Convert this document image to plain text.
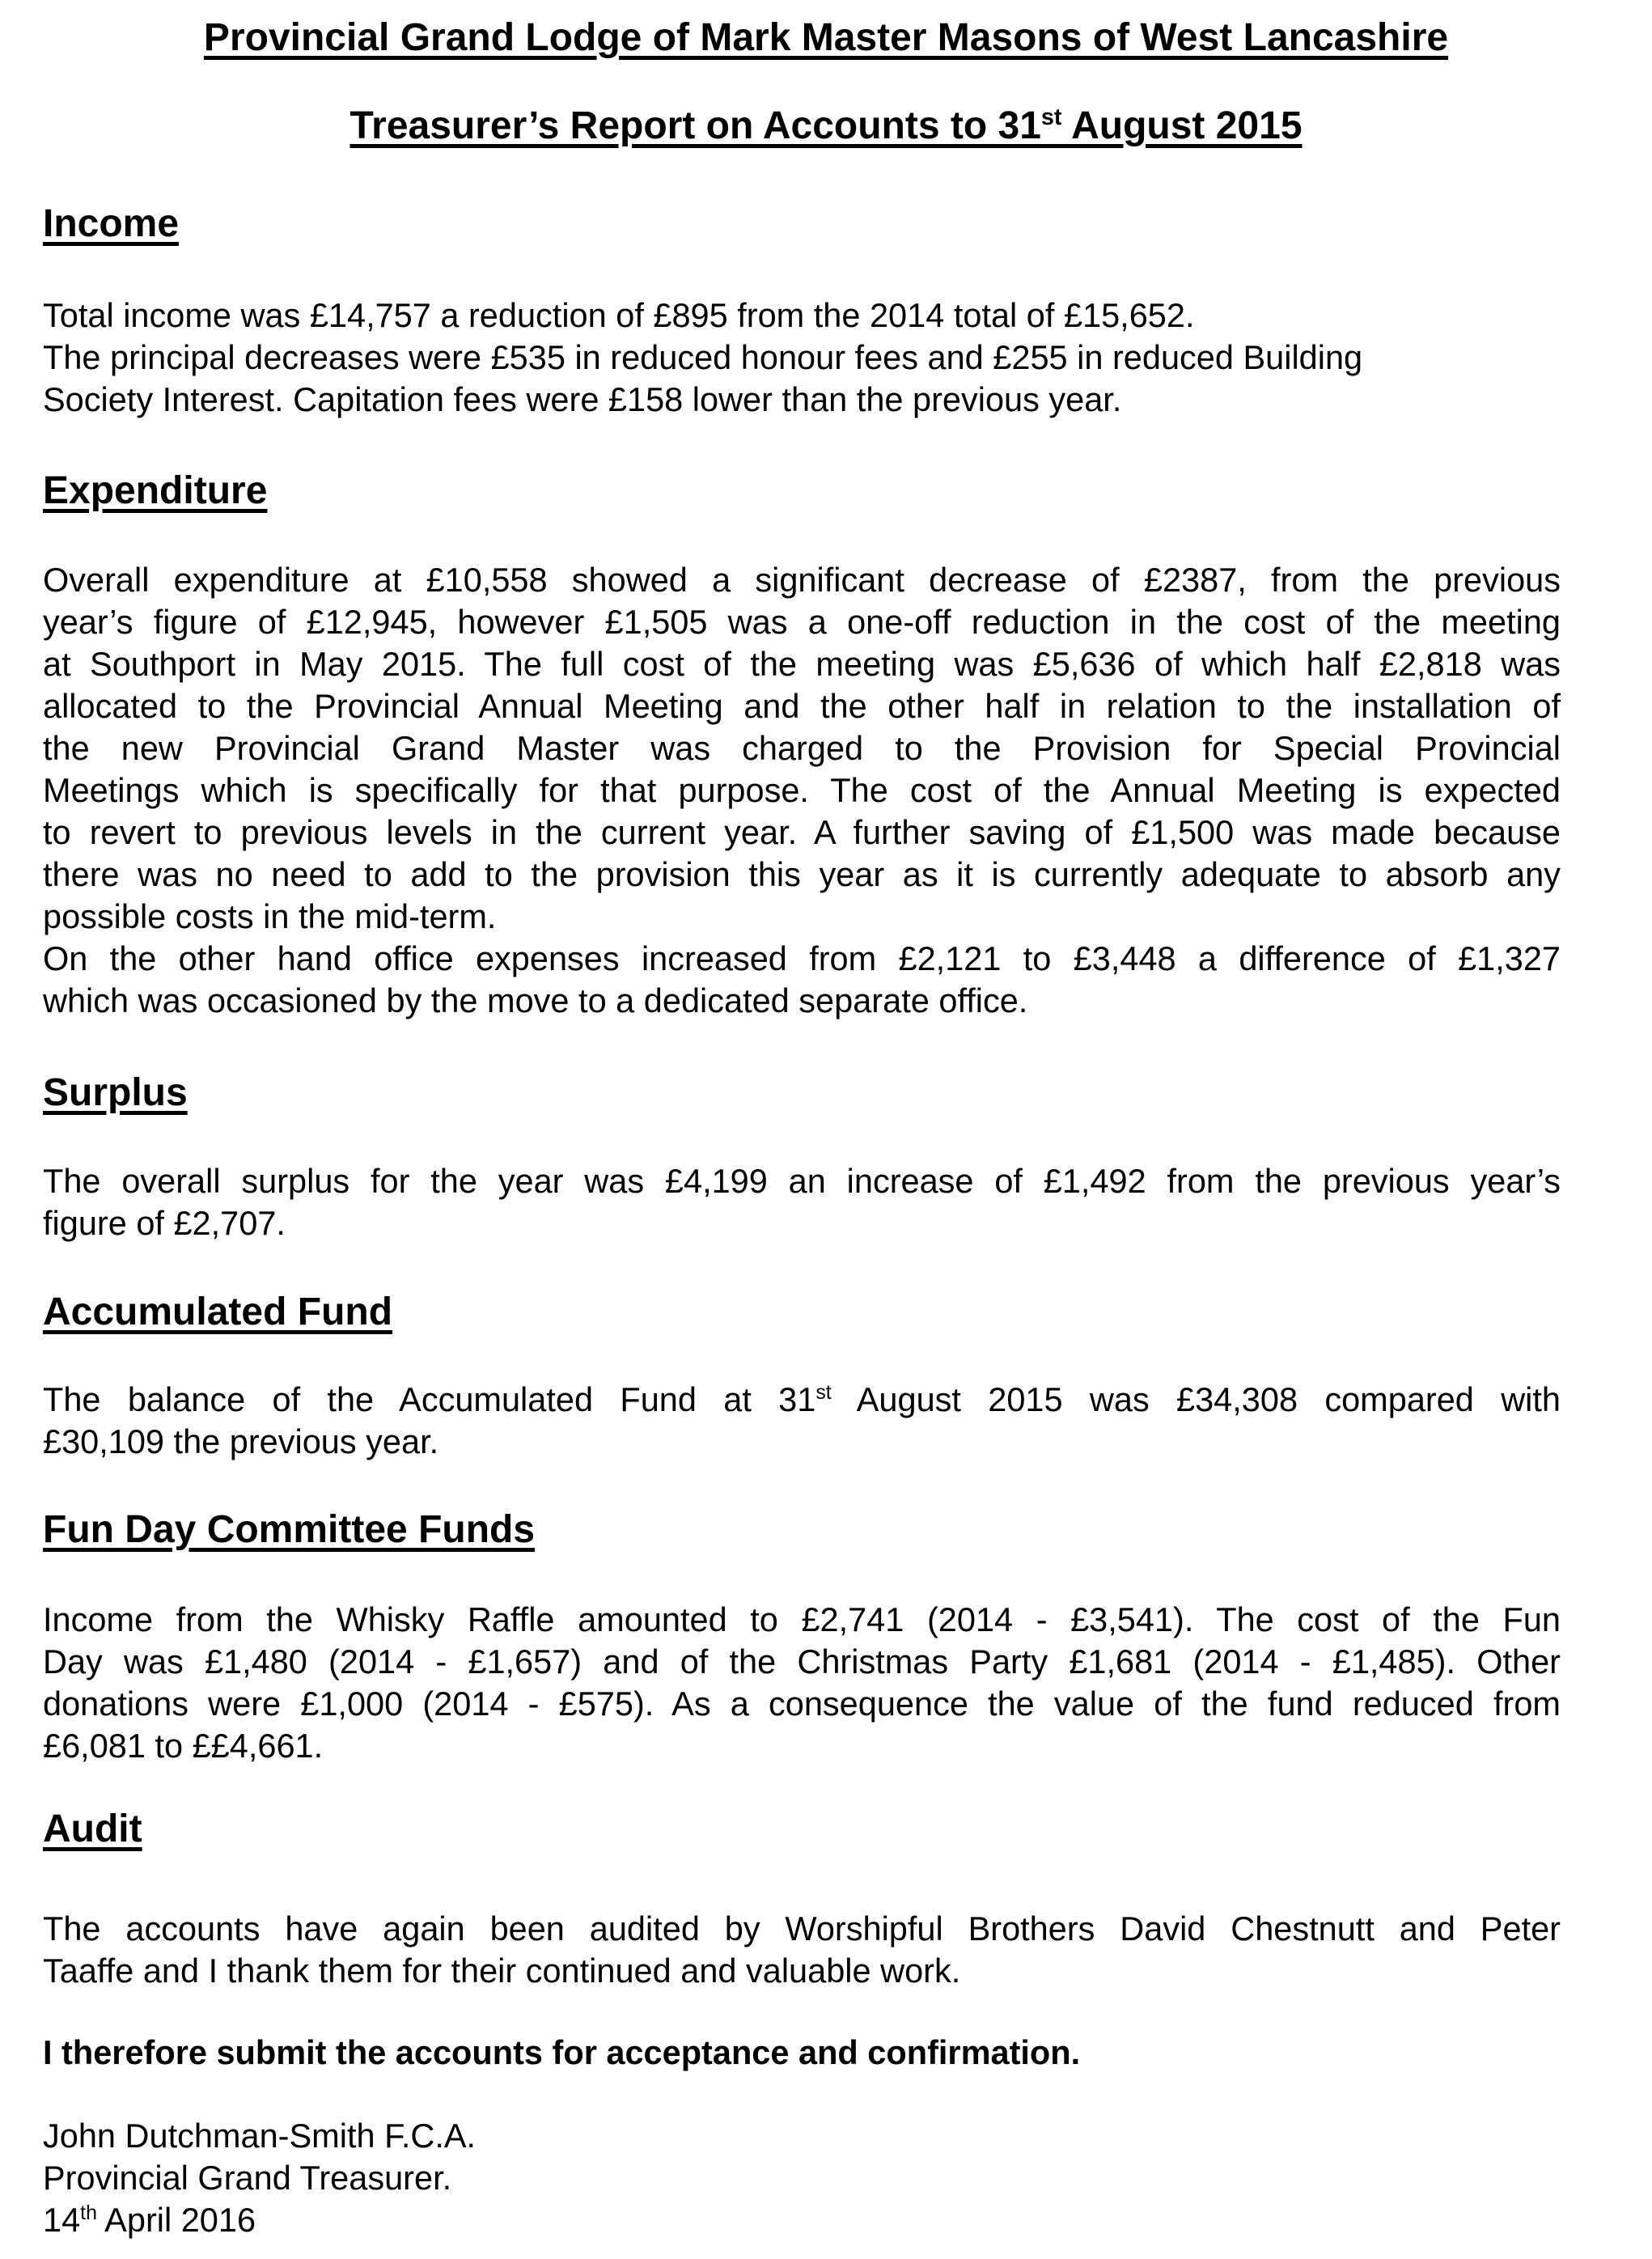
Provincial Grand Lodge of Mark Master Masons of West Lancashire
Treasurer’s Report on Accounts to 31st August 2015
Income
Total income was £14,757 a reduction of £895 from the 2014 total of £15,652.
The principal decreases were £535 in reduced honour fees and £255 in reduced Building
Society Interest. Capitation fees were £158 lower than the previous year.
Expenditure
Overall expenditure at £10,558 showed a significant decrease of £2387, from the previous
year’s figure of £12,945, however £1,505 was a one-off reduction in the cost of the meeting
at Southport in May 2015. The full cost of the meeting was £5,636 of which half £2,818 was
allocated to the Provincial Annual Meeting and the other half in relation to the installation of
the new Provincial Grand Master was charged to the Provision for Special Provincial
Meetings which is specifically for that purpose. The cost of the Annual Meeting is expected
to revert to previous levels in the current year. A further saving of £1,500 was made because
there was no need to add to the provision this year as it is currently adequate to absorb any
possible costs in the mid-term.
On the other hand office expenses increased from £2,121 to £3,448 a difference of £1,327
which was occasioned by the move to a dedicated separate office.
Surplus
The overall surplus for the year was £4,199 an increase of £1,492 from the previous year’s
figure of £2,707.
Accumulated Fund
The balance of the Accumulated Fund at 31st August 2015 was £34,308 compared with
£30,109 the previous year.
Fun Day Committee Funds
Income from the Whisky Raffle amounted to £2,741 (2014 - £3,541). The cost of the Fun
Day was £1,480 (2014 - £1,657) and of the Christmas Party £1,681 (2014 - £1,485). Other
donations were £1,000 (2014 - £575). As a consequence the value of the fund reduced from
£6,081 to ££4,661.
Audit
The accounts have again been audited by Worshipful Brothers David Chestnutt and Peter
Taaffe and I thank them for their continued and valuable work.
I therefore submit the accounts for acceptance and confirmation.
John Dutchman-Smith F.C.A.
Provincial Grand Treasurer.
14th April 2016
